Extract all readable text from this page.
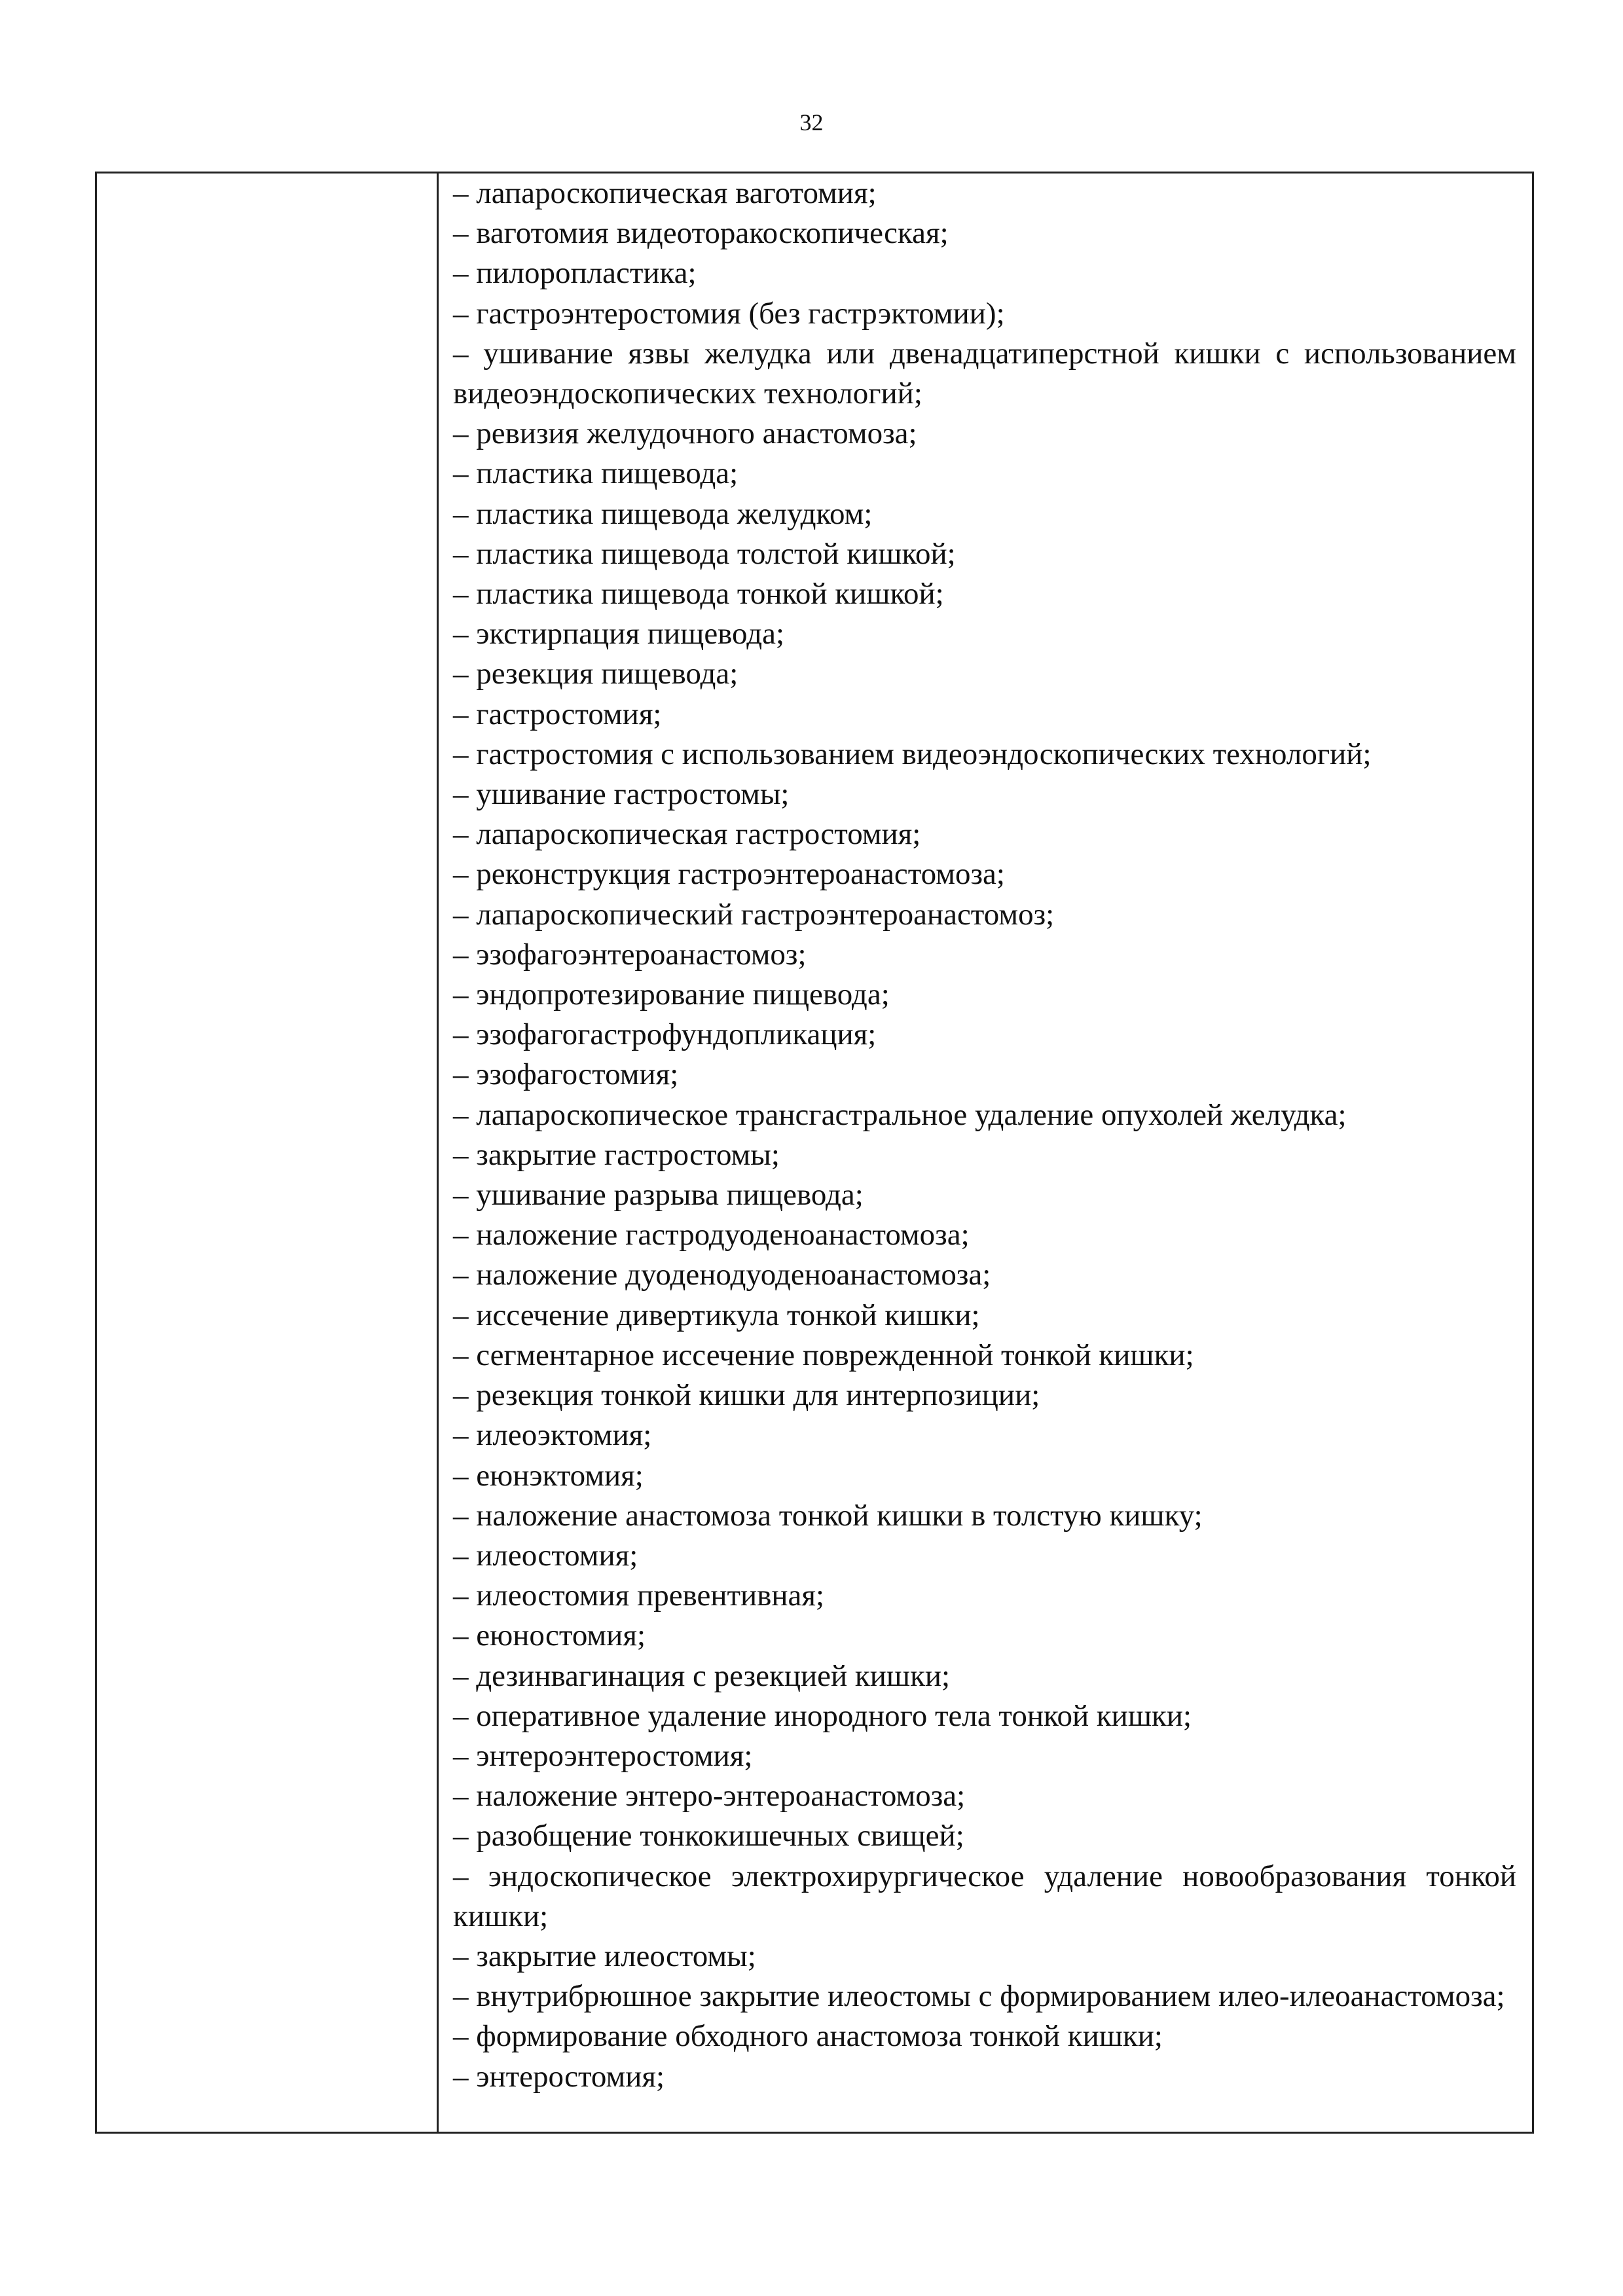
32
– лапароскопическая ваготомия;
– ваготомия видеоторакоскопическая;
– пилоропластика;
– гастроэнтеростомия (без гастрэктомии);
– ушивание язвы желудка или двенадцатиперстной кишки с использованием видеоэндоскопических технологий;
– ревизия желудочного анастомоза;
– пластика пищевода;
– пластика пищевода желудком;
– пластика пищевода толстой кишкой;
– пластика пищевода тонкой кишкой;
– экстирпация пищевода;
– резекция пищевода;
– гастростомия;
– гастростомия с использованием видеоэндоскопических технологий;
– ушивание гастростомы;
– лапароскопическая гастростомия;
– реконструкция гастроэнтероанастомоза;
– лапароскопический гастроэнтероанастомоз;
– эзофагоэнтероанастомоз;
– эндопротезирование пищевода;
– эзофагогастрофундопликация;
– эзофагостомия;
– лапароскопическое трансгастральное удаление опухолей желудка;
– закрытие гастростомы;
– ушивание разрыва пищевода;
– наложение гастродуоденоанастомоза;
– наложение дуоденодуоденоанастомоза;
– иссечение дивертикула тонкой кишки;
– сегментарное иссечение поврежденной тонкой кишки;
– резекция тонкой кишки для интерпозиции;
– илеоэктомия;
– еюнэктомия;
– наложение анастомоза тонкой кишки в толстую кишку;
– илеостомия;
– илеостомия превентивная;
– еюностомия;
– дезинвагинация с резекцией кишки;
– оперативное удаление инородного тела тонкой кишки;
– энтероэнтеростомия;
– наложение энтеро-энтероанастомоза;
– разобщение тонкокишечных свищей;
– эндоскопическое электрохирургическое удаление новообразования тонкой кишки;
– закрытие илеостомы;
– внутрибрюшное закрытие илеостомы с формированием илео-илеоанастомоза;
– формирование обходного анастомоза тонкой кишки;
– энтеростомия;
